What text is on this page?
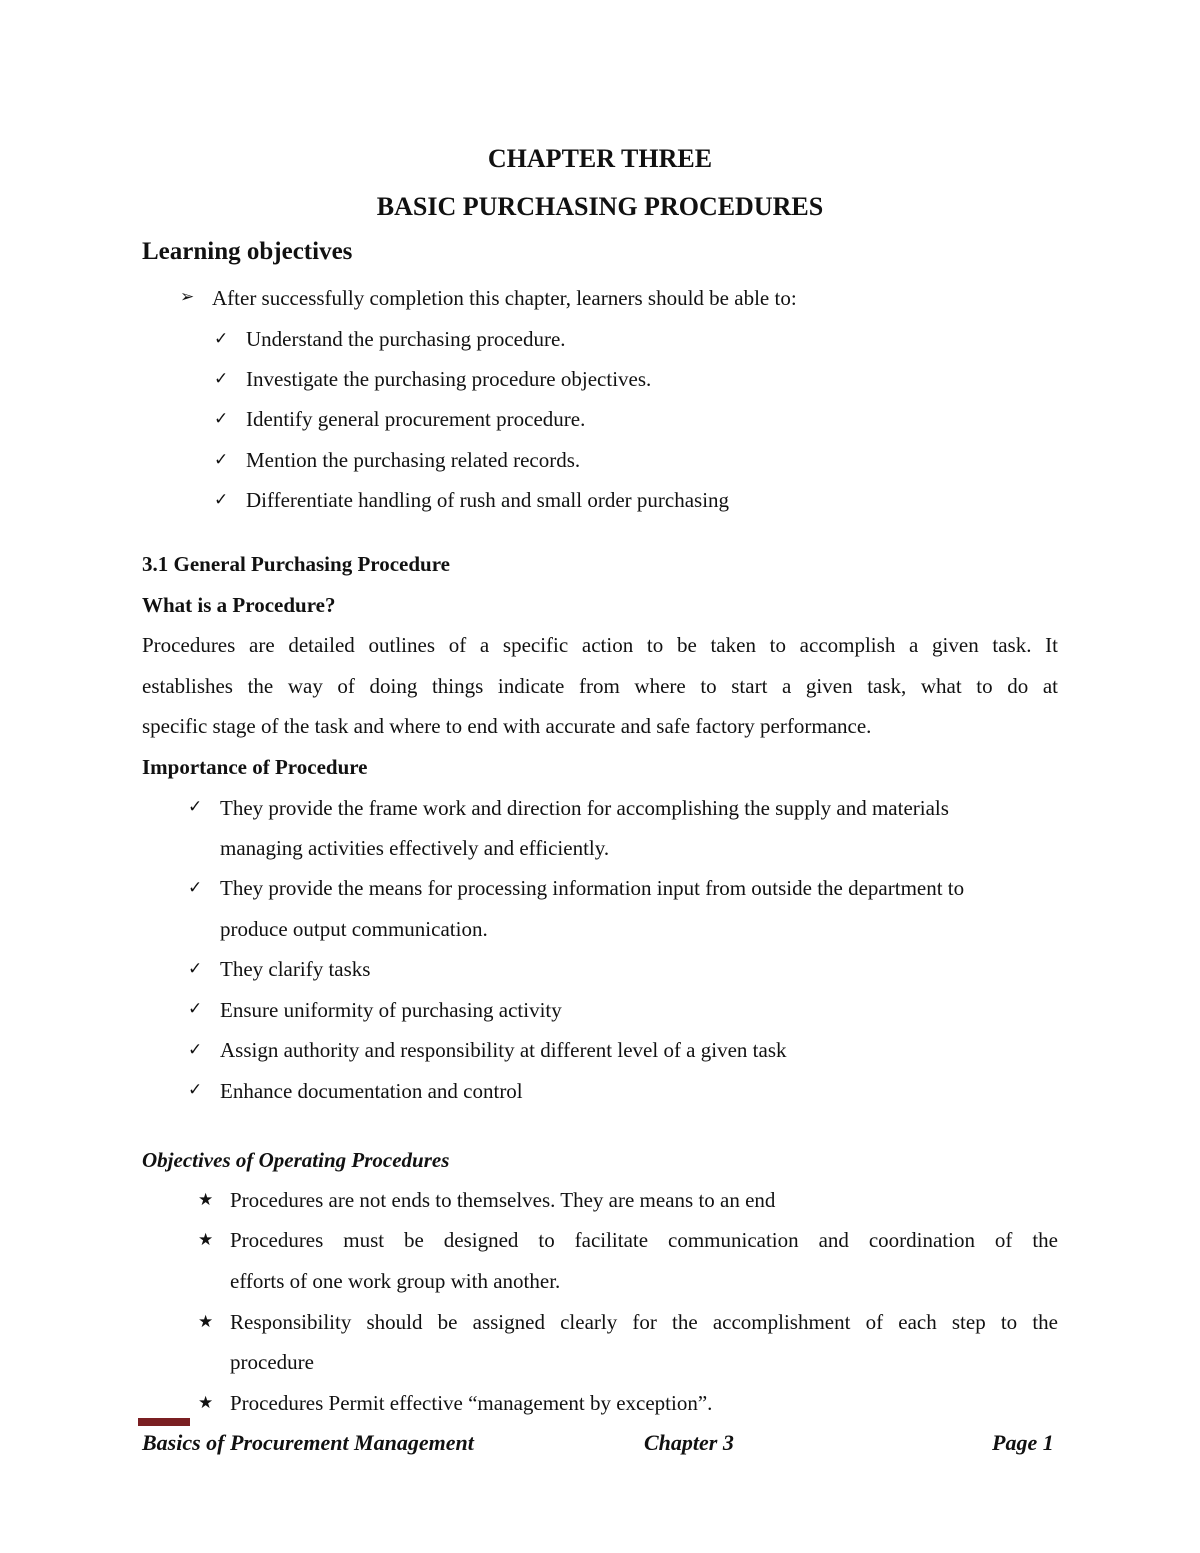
CHAPTER THREE
BASIC PURCHASING PROCEDURES
Learning objectives
➢ After successfully completion this chapter, learners should be able to:
✓ Understand the purchasing procedure.
✓ Investigate the purchasing procedure objectives.
✓ Identify general procurement procedure.
✓ Mention the purchasing related records.
✓ Differentiate handling of rush and small order purchasing
3.1 General Purchasing Procedure
What is a Procedure?
Procedures are detailed outlines of a specific action to be taken to accomplish a given task. It
establishes the way of doing things indicate from where to start a given task, what to do at
specific stage of the task and where to end with accurate and safe factory performance.
Importance of Procedure
✓ They provide the frame work and direction for accomplishing the supply and materials
managing activities effectively and efficiently.
✓ They provide the means for processing information input from outside the department to
produce output communication.
✓ They clarify tasks
✓ Ensure uniformity of purchasing activity
✓ Assign authority and responsibility at different level of a given task
✓ Enhance documentation and control
Objectives of Operating Procedures
★ Procedures are not ends to themselves. They are means to an end
★ Procedures must be designed to facilitate communication and coordination of the
efforts of one work group with another.
★ Responsibility should be assigned clearly for the accomplishment of each step to the
procedure
★ Procedures Permit effective “management by exception”.
Basics of Procurement Management	Chapter 3	Page 1
